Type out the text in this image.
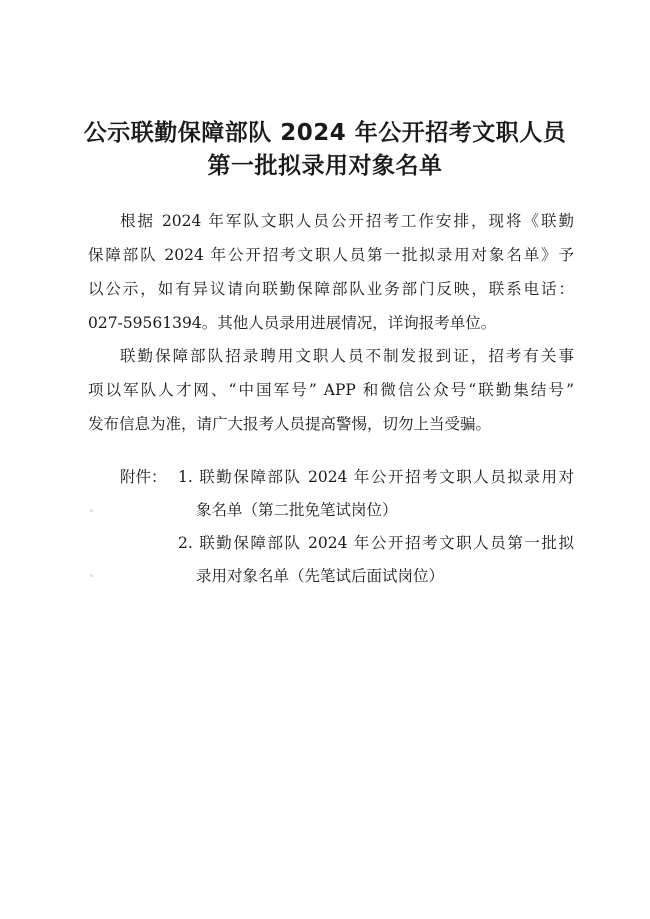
公示联勤保障部队 2024 年公开招考文职人员
第一批拟录用对象名单
根据 2024 年军队文职人员公开招考工作安排，现将《联勤
保障部队 2024 年公开招考文职人员第一批拟录用对象名单》予
以公示，如有异议请向联勤保障部队业务部门反映，联系电话：
027-59561394。其他人员录用进展情况，详询报考单位。
联勤保障部队招录聘用文职人员不制发报到证，招考有关事
项以军队人才网、“中国军号” APP 和微信公众号“联勤集结号”
发布信息为准，请广大报考人员提高警惕，切勿上当受骗。
附件： 1. 联勤保障部队 2024 年公开招考文职人员拟录用对
象名单（第二批免笔试岗位）
2. 联勤保障部队 2024 年公开招考文职人员第一批拟
录用对象名单（先笔试后面试岗位）
